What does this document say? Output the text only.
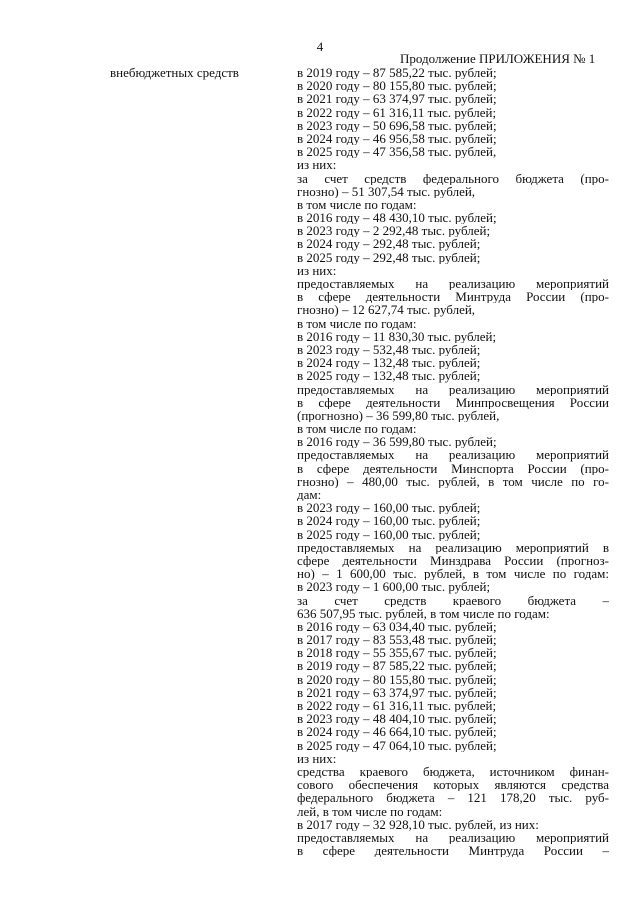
4
Продолжение ПРИЛОЖЕНИЯ № 1
внебюджетных средств	в 2019 году – 87 585,22 тыс. рублей;
в 2020 году – 80 155,80 тыс. рублей;
в 2021 году – 63 374,97 тыс. рублей;
в 2022 году – 61 316,11 тыс. рублей;
в 2023 году – 50 696,58 тыс. рублей;
в 2024 году – 46 956,58 тыс. рублей;
в 2025 году – 47 356,58 тыс. рублей,
из них:
за счет средств федерального бюджета (про-
гнозно) – 51 307,54 тыс. рублей,
в том числе по годам:
в 2016 году – 48 430,10 тыс. рублей;
в 2023 году – 2 292,48 тыс. рублей;
в 2024 году – 292,48 тыс. рублей;
в 2025 году – 292,48 тыс. рублей;
из них:
предоставляемых на реализацию мероприятий
в сфере деятельности Минтруда России (про-
гнозно) – 12 627,74 тыс. рублей,
в том числе по годам:
в 2016 году – 11 830,30 тыс. рублей;
в 2023 году – 532,48 тыс. рублей;
в 2024 году – 132,48 тыс. рублей;
в 2025 году – 132,48 тыс. рублей;
предоставляемых на реализацию мероприятий
в сфере деятельности Минпросвещения России
(прогнозно) – 36 599,80 тыс. рублей,
в том числе по годам:
в 2016 году – 36 599,80 тыс. рублей;
предоставляемых на реализацию мероприятий
в сфере деятельности Минспорта России (про-
гнозно) – 480,00 тыс. рублей, в том числе по го-
дам:
в 2023 году – 160,00 тыс. рублей;
в 2024 году – 160,00 тыс. рублей;
в 2025 году – 160,00 тыс. рублей;
предоставляемых на реализацию мероприятий в
сфере деятельности Минздрава России (прогноз-
но) – 1 600,00 тыс. рублей, в том числе по годам:
в 2023 году – 1 600,00 тыс. рублей;
за счет средств краевого бюджета –
636 507,95 тыс. рублей, в том числе по годам:
в 2016 году – 63 034,40 тыс. рублей;
в 2017 году – 83 553,48 тыс. рублей;
в 2018 году – 55 355,67 тыс. рублей;
в 2019 году – 87 585,22 тыс. рублей;
в 2020 году – 80 155,80 тыс. рублей;
в 2021 году – 63 374,97 тыс. рублей;
в 2022 году – 61 316,11 тыс. рублей;
в 2023 году – 48 404,10 тыс. рублей;
в 2024 году – 46 664,10 тыс. рублей;
в 2025 году – 47 064,10 тыс. рублей;
из них:
средства краевого бюджета, источником финан-
сового обеспечения которых являются средства
федерального бюджета – 121 178,20 тыс. руб-
лей, в том числе по годам:
в 2017 году – 32 928,10 тыс. рублей, из них:
предоставляемых на реализацию мероприятий
в сфере деятельности Минтруда России –
